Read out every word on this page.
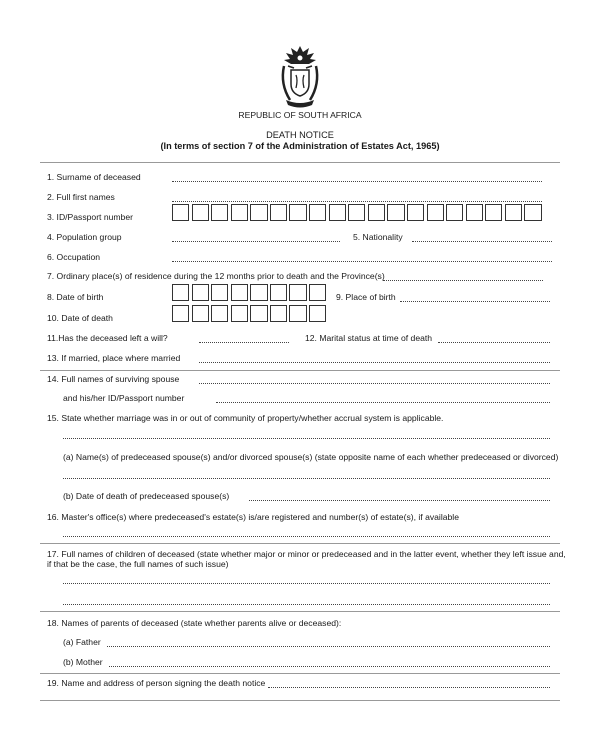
REPUBLIC OF SOUTH AFRICA
DEATH NOTICE
(In terms of section 7 of the Administration of Estates Act, 1965)
1. Surname of deceased
2. Full first names
3. ID/Passport number
4. Population group	5. Nationality
6. Occupation
7. Ordinary place(s) of residence during the 12 months prior to death and the Province(s)
8. Date of birth	9. Place of birth
10. Date of death
11.Has the deceased left a will?	12. Marital status at time of death
13. If married, place where married
14. Full names of surviving spouse
and his/her ID/Passport number
15. State whether marriage was in or out of community of property/whether accrual system is applicable.
(a) Name(s) of predeceased spouse(s) and/or divorced spouse(s) (state opposite name of each whether predeceased or divorced)
(b) Date of death of predeceased spouse(s)
16. Master's office(s) where predeceased's estate(s) is/are registered and number(s) of estate(s), if available
17. Full names of children of deceased (state whether major or minor or predeceased and in the latter event, whether they left issue and,
if that be the case, the full names of such issue)
18. Names of parents of deceased (state whether parents alive or deceased):
(a) Father
(b) Mother
19. Name and address of person signing the death notice
